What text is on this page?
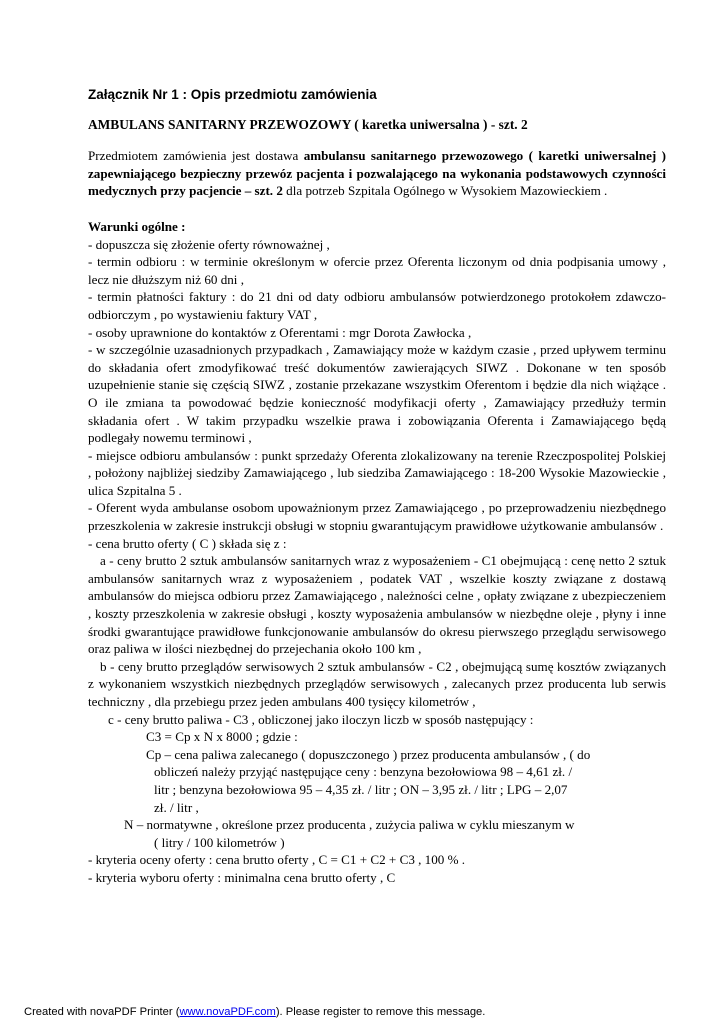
Załącznik Nr 1 : Opis przedmiotu zamówienia
AMBULANS SANITARNY PRZEWOZOWY ( karetka uniwersalna ) - szt. 2

Przedmiotem zamówienia jest dostawa ambulansu sanitarnego przewozowego ( karetki uniwersalnej ) zapewniającego bezpieczny przewóz pacjenta i pozwalającego na wykonania podstawowych czynności medycznych przy pacjencie – szt. 2 dla potrzeb Szpitala Ogólnego w Wysokiem Mazowieckiem .

Warunki ogólne :

- dopuszcza się złożenie oferty równoważnej ,

- termin odbioru : w terminie określonym w ofercie przez Oferenta liczonym od dnia podpisania umowy , lecz nie dłuższym niż 60 dni ,

- termin płatności faktury : do 21 dni od daty odbioru ambulansów potwierdzonego protokołem zdawczo-odbiorczym , po wystawieniu faktury VAT ,

- osoby uprawnione do kontaktów z Oferentami : mgr Dorota Zawłocka ,

- w szczególnie uzasadnionych przypadkach , Zamawiający może w każdym czasie , przed upływem terminu do składania ofert zmodyfikować treść dokumentów zawierających SIWZ . Dokonane w ten sposób uzupełnienie stanie się częścią SIWZ , zostanie przekazane wszystkim Oferentom i będzie dla nich wiążące . O ile zmiana ta powodować będzie konieczność modyfikacji oferty , Zamawiający przedłuży termin składania ofert . W takim przypadku wszelkie prawa i zobowiązania Oferenta i Zamawiającego będą podlegały nowemu terminowi ,

- miejsce odbioru ambulansów : punkt sprzedaży Oferenta zlokalizowany na terenie Rzeczpospolitej Polskiej , położony najbliżej siedziby Zamawiającego , lub siedziba Zamawiającego : 18-200 Wysokie Mazowieckie , ulica Szpitalna 5 .

- Oferent wyda ambulanse osobom upoważnionym przez Zamawiającego , po przeprowadzeniu niezbędnego przeszkolenia w zakresie instrukcji obsługi w stopniu gwarantującym prawidłowe użytkowanie ambulansów .

- cena brutto oferty ( C ) składa się z :

a - ceny brutto 2 sztuk ambulansów sanitarnych wraz z wyposażeniem - C1 obejmującą : cenę netto 2 sztuk ambulansów sanitarnych wraz z wyposażeniem , podatek VAT , wszelkie koszty związane z dostawą ambulansów do miejsca odbioru przez Zamawiającego , należności celne , opłaty związane z ubezpieczeniem , koszty przeszkolenia w zakresie obsługi , koszty wyposażenia ambulansów w niezbędne oleje , płyny i inne środki gwarantujące prawidłowe funkcjonowanie ambulansów do okresu pierwszego przeglądu serwisowego oraz paliwa w ilości niezbędnej do przejechania około 100 km ,

b - ceny brutto przeglądów serwisowych 2 sztuk ambulansów - C2 , obejmującą sumę kosztów związanych z wykonaniem wszystkich niezbędnych przeglądów serwisowych , zalecanych przez producenta lub serwis techniczny , dla przebiegu przez jeden ambulans 400 tysięcy kilometrów ,

c - ceny brutto paliwa - C3 , obliczonej jako iloczyn liczb w sposób następujący :

C3 = Cp x N x 8000 ; gdzie :

Cp – cena paliwa zalecanego ( dopuszczonego ) przez producenta ambulansów , ( do

obliczeń należy przyjąć następujące ceny : benzyna bezołowiowa 98 – 4,61 zł. /

litr ; benzyna bezołowiowa 95 – 4,35 zł. / litr ; ON – 3,95 zł. / litr ; LPG – 2,07

zł. / litr ,

N – normatywne , określone przez producenta , zużycia paliwa w cyklu mieszanym w

( litry / 100 kilometrów )

- kryteria oceny oferty : cena brutto oferty , C = C1 + C2 + C3 , 100 % .

- kryteria wyboru oferty : minimalna cena brutto oferty , C

Created with novaPDF Printer (www.novaPDF.com). Please register to remove this message.
